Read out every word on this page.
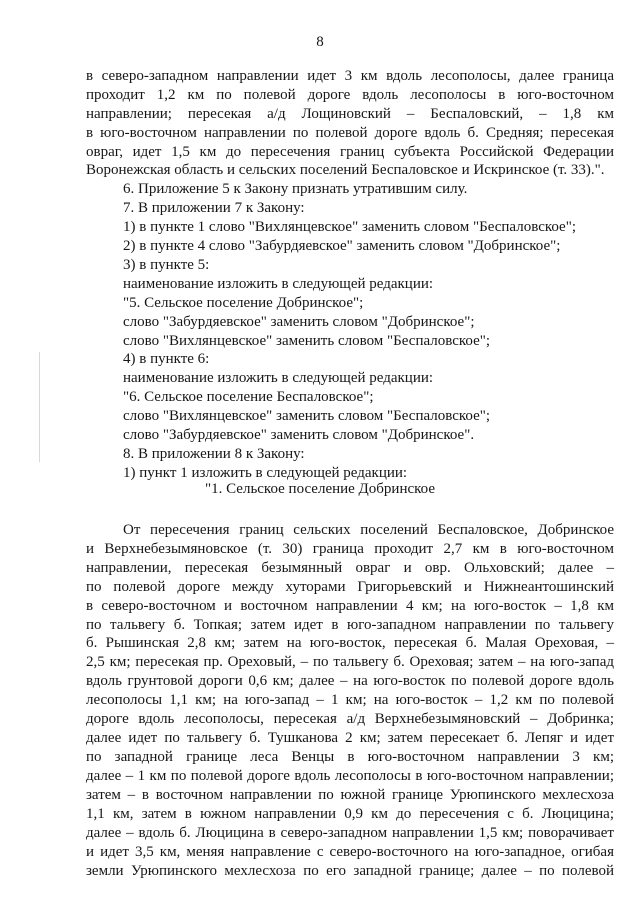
8
в северо-западном направлении идет 3 км вдоль лесополосы, далее граница
проходит 1,2 км по полевой дороге вдоль лесополосы в юго-восточном
направлении; пересекая а/д Лощиновский – Беспаловский, – 1,8 км
в юго-восточном направлении по полевой дороге вдоль б. Средняя; пересекая
овраг, идет 1,5 км до пересечения границ субъекта Российской Федерации
Воронежская область и сельских поселений Беспаловское и Искринское (т. 33).".
6. Приложение 5 к Закону признать утратившим силу.
7. В приложении 7 к Закону:
1) в пункте 1 слово "Вихлянцевское" заменить словом "Беспаловское";
2) в пункте 4 слово "Забурдяевское" заменить словом "Добринское";
3) в пункте 5:
наименование изложить в следующей редакции:
"5. Сельское поселение Добринское";
слово "Забурдяевское" заменить словом "Добринское";
слово "Вихлянцевское" заменить словом "Беспаловское";
4) в пункте 6:
наименование изложить в следующей редакции:
"6. Сельское поселение Беспаловское";
слово "Вихлянцевское" заменить словом "Беспаловское";
слово "Забурдяевское" заменить словом "Добринское".
8. В приложении 8 к Закону:
1) пункт 1 изложить в следующей редакции:
"1. Сельское поселение Добринское
От пересечения границ сельских поселений Беспаловское, Добринское
и Верхнебезымяновское (т. 30) граница проходит 2,7 км в юго-восточном
направлении, пересекая безымянный овраг и овр. Ольховский; далее –
по полевой дороге между хуторами Григорьевский и Нижнеантошинский
в северо-восточном и восточном направлении 4 км; на юго-восток – 1,8 км
по тальвегу б. Топкая; затем идет в юго-западном направлении по тальвегу
б. Рышинская 2,8 км; затем на юго-восток, пересекая б. Малая Ореховая, –
2,5 км; пересекая пр. Ореховый, – по тальвегу б. Ореховая; затем – на юго-запад
вдоль грунтовой дороги 0,6 км; далее – на юго-восток по полевой дороге вдоль
лесополосы 1,1 км; на юго-запад – 1 км; на юго-восток – 1,2 км по полевой
дороге вдоль лесополосы, пересекая а/д Верхнебезымяновский – Добринка;
далее идет по тальвегу б. Тушканова 2 км; затем пересекает б. Лепяг и идет
по западной границе леса Венцы в юго-восточном направлении 3 км;
далее – 1 км по полевой дороге вдоль лесополосы в юго-восточном направлении;
затем – в восточном направлении по южной границе Урюпинского мехлесхоза
1,1 км, затем в южном направлении 0,9 км до пересечения с б. Люцицина;
далее – вдоль б. Люцицина в северо-западном направлении 1,5 км; поворачивает
и идет 3,5 км, меняя направление с северо-восточного на юго-западное, огибая
земли Урюпинского мехлесхоза по его западной границе; далее – по полевой
